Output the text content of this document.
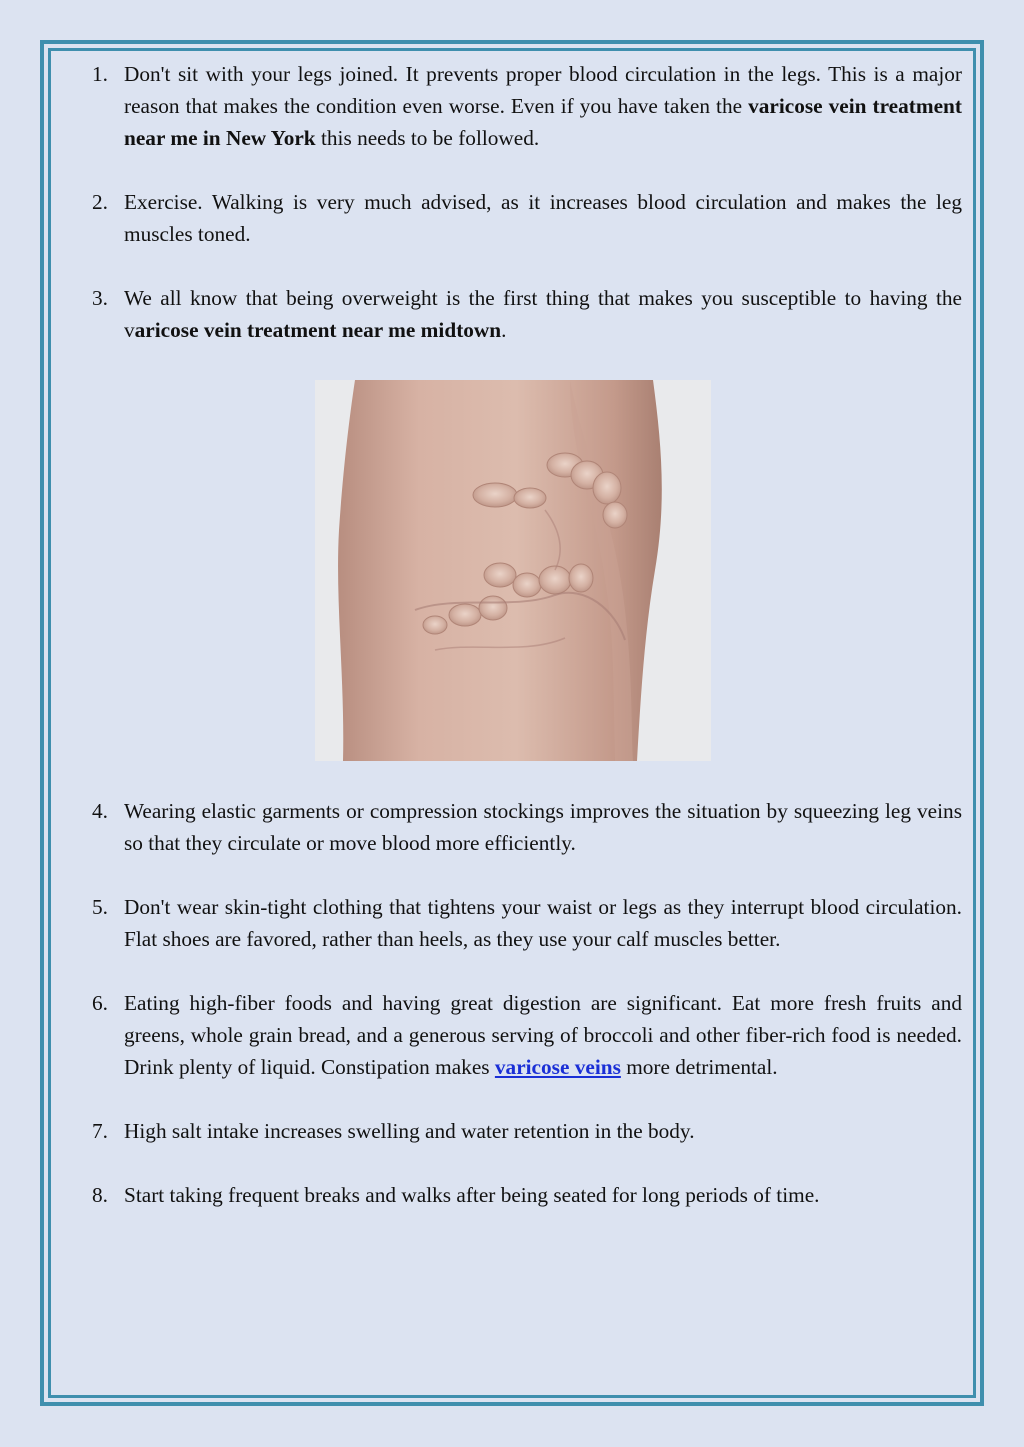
1. Don't sit with your legs joined. It prevents proper blood circulation in the legs. This is a major reason that makes the condition even worse. Even if you have taken the varicose vein treatment near me in New York this needs to be followed.
2. Exercise. Walking is very much advised, as it increases blood circulation and makes the leg muscles toned.
3. We all know that being overweight is the first thing that makes you susceptible to having the varicose vein treatment near me midtown.
4. Wearing elastic garments or compression stockings improves the situation by squeezing leg veins so that they circulate or move blood more efficiently.
5. Don't wear skin-tight clothing that tightens your waist or legs as they interrupt blood circulation. Flat shoes are favored, rather than heels, as they use your calf muscles better.
6. Eating high-fiber foods and having great digestion are significant. Eat more fresh fruits and greens, whole grain bread, and a generous serving of broccoli and other fiber-rich food is needed. Drink plenty of liquid. Constipation makes varicose veins more detrimental.
7. High salt intake increases swelling and water retention in the body.
8. Start taking frequent breaks and walks after being seated for long periods of time.
